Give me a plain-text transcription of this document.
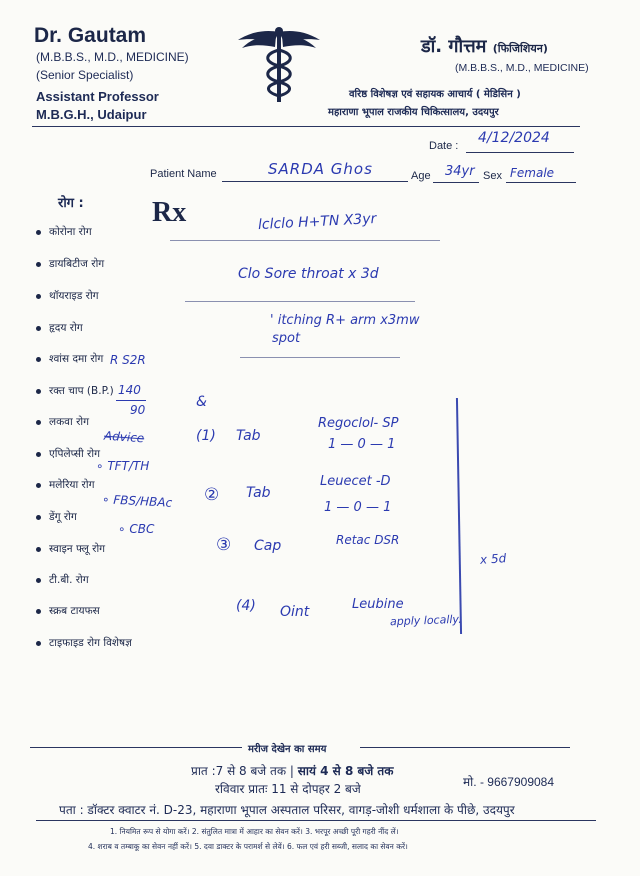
Dr. Gautam
(M.B.B.S., M.D., MEDICINE)
(Senior Specialist)
Assistant Professor
M.B.G.H., Udaipur
डॉ. गौत्तम (फिजिशियन)
(M.B.B.S., M.D., MEDICINE)
वरिष्ठ विशेषज्ञ एवं सहायक आचार्य ( मेडिसिन )
महाराणा भूपाल राजकीय चिकित्सालय, उदयपुर
Date : 4/12/2024
Patient Name	SARDA Ghos	Age 34yr Sex Female
रोग : Rx
कोरोना रोग
डायबिटीज रोग
थॉयराइड रोग
हृदय रोग
श्वांस दमा रोग
रक्त चाप (B.P.)
लकवा रोग
एपिलेप्सी रोग
मलेरिया रोग
डेंगू रोग
स्वाइन फ्लू रोग
टी.बी. रोग
स्क्रब टायफस
टाइफाइड रोग विशेषज्ञ
lclclo H+TN X3yr
Clo Sore throat x 3d
' itching R+ arm x3mw
spot
R S2R
140
90	&
Advice
∘ TFT/TH
∘ FBS/HBAc
∘ CBC
(1) Tab
Regoclol- SP
1 — 0 — 1
② Tab
Leuecet -D
1 — 0 — 1
③ Cap	Retac DSR
x 5d
(4) Oint	Leubine
apply locally.
मरीज देखेन का समय
प्रात :7 से 8 बजे तक | सायं 4 से 8 बजे तक
रविवार प्रातः 11 से दोपहर 2 बजे	मो. - 9667909084
पता : डॉक्टर क्वाटर नं. D-23, महाराणा भूपाल अस्पताल परिसर, वागड़-जोशी धर्मशाला के पीछे, उदयपुर
1. नियमित रूप से योगा करें। 2. संतुलित मात्रा में आहार का सेवन करें। 3. भरपूर अच्छी पूरी गहरी नींद लें।
4. शराब व तम्बाकू का सेवन नहीं करें। 5. दवा डाक्टर के परामर्श से लेवें। 6. फल एवं हरी सब्जी, सलाद का सेवन करें।
